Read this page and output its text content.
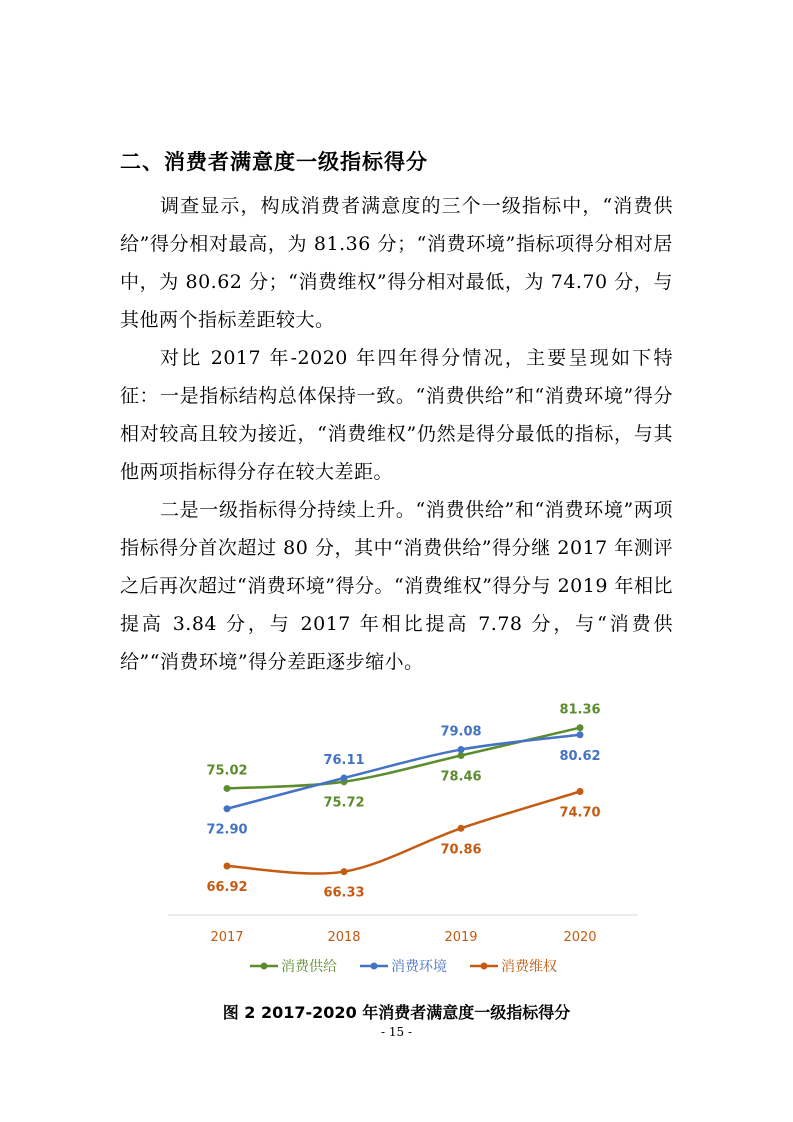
二、消费者满意度一级指标得分
调查显示，构成消费者满意度的三个一级指标中，“消费供给”得分相对最高，为 81.36 分；“消费环境”指标项得分相对居中，为 80.62 分；“消费维权”得分相对最低，为 74.70 分，与其他两个指标差距较大。
对比 2017 年-2020 年四年得分情况，主要呈现如下特征： 一是指标结构总体保持一致。“消费供给”和“消费环境”得分相对较高且较为接近，“消费维权”仍然是得分最低的指标，与其他两项指标得分存在较大差距。
二是一级指标得分持续上升。“消费供给”和“消费环境”两项指标得分首次超过 80 分，其中“消费供给”得分继 2017 年测评之后再次超过“消费环境”得分。“消费维权”得分与 2019 年相比提高 3.84 分，与 2017 年相比提高 7.78 分，与“消费供给”“消费环境”得分差距逐步缩小。
75.02
75.72
78.46
81.36
72.90
76.11
79.08
80.62
66.92	66.33
70.86
74.70
2017	2018	2019	2020
消费供给	消费环境	消费维权
图 2 2017-2020 年消费者满意度一级指标得分
- 15 -
